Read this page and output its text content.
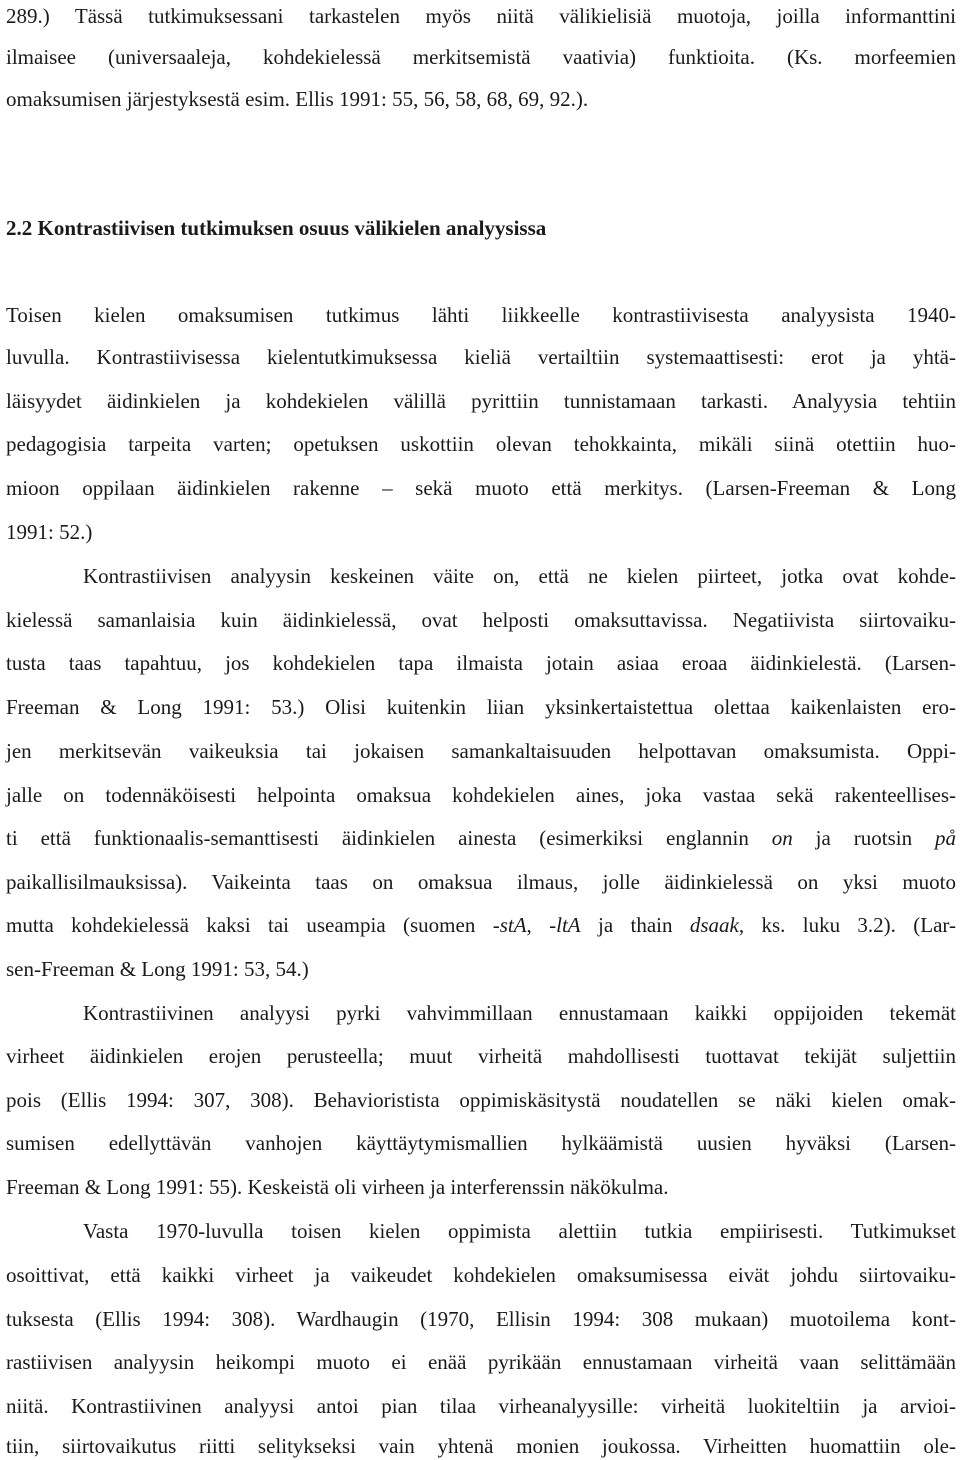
289.) Tässä tutkimuksessani tarkastelen myös niitä välikielisiä muotoja, joilla informanttini
ilmaisee (universaaleja, kohdekielessä merkitsemistä vaativia) funktioita. (Ks. morfeemien
omaksumisen järjestyksestä esim. Ellis 1991: 55, 56, 58, 68, 69, 92.).
2.2 Kontrastiivisen tutkimuksen osuus välikielen analyysissa
Toisen kielen omaksumisen tutkimus lähti liikkeelle kontrastiivisesta analyysista 1940-
luvulla. Kontrastiivisessa kielentutkimuksessa kieliä vertailtiin systemaattisesti: erot ja yhtä-
läisyydet äidinkielen ja kohdekielen välillä pyrittiin tunnistamaan tarkasti. Analyysia tehtiin
pedagogisia tarpeita varten; opetuksen uskottiin olevan tehokkainta, mikäli siinä otettiin huo-
mioon oppilaan äidinkielen rakenne – sekä muoto että merkitys. (Larsen-Freeman & Long
1991: 52.)
Kontrastiivisen analyysin keskeinen väite on, että ne kielen piirteet, jotka ovat kohde-
kielessä samanlaisia kuin äidinkielessä, ovat helposti omaksuttavissa. Negatiivista siirtovaiku-
tusta taas tapahtuu, jos kohdekielen tapa ilmaista jotain asiaa eroaa äidinkielestä. (Larsen-
Freeman & Long 1991: 53.) Olisi kuitenkin liian yksinkertaistettua olettaa kaikenlaisten ero-
jen merkitsevän vaikeuksia tai jokaisen samankaltaisuuden helpottavan omaksumista. Oppi-
jalle on todennäköisesti helpointa omaksua kohdekielen aines, joka vastaa sekä rakenteellises-
ti että funktionaalis-semanttisesti äidinkielen ainesta (esimerkiksi englannin on ja ruotsin på
paikallisilmauksissa). Vaikeinta taas on omaksua ilmaus, jolle äidinkielessä on yksi muoto
mutta kohdekielessä kaksi tai useampia (suomen -stA, -ltA ja thain dsaak, ks. luku 3.2). (Lar-
sen-Freeman & Long 1991: 53, 54.)
Kontrastiivinen analyysi pyrki vahvimmillaan ennustamaan kaikki oppijoiden tekemät
virheet äidinkielen erojen perusteella; muut virheitä mahdollisesti tuottavat tekijät suljettiin
pois (Ellis 1994: 307, 308). Behavioristista oppimiskäsitystä noudatellen se näki kielen omak-
sumisen edellyttävän vanhojen käyttäytymismallien hylkäämistä uusien hyväksi (Larsen-
Freeman & Long 1991: 55). Keskeistä oli virheen ja interferenssin näkökulma.
Vasta 1970-luvulla toisen kielen oppimista alettiin tutkia empiirisesti. Tutkimukset
osoittivat, että kaikki virheet ja vaikeudet kohdekielen omaksumisessa eivät johdu siirtovaiku-
tuksesta (Ellis 1994: 308). Wardhaugin (1970, Ellisin 1994: 308 mukaan) muotoilema kont-
rastiivisen analyysin heikompi muoto ei enää pyrikään ennustamaan virheitä vaan selittämään
niitä. Kontrastiivinen analyysi antoi pian tilaa virheanalyysille: virheitä luokiteltiin ja arvioi-
tiin, siirtovaikutus riitti selitykseksi vain yhtenä monien joukossa. Virheitten huomattiin ole-
